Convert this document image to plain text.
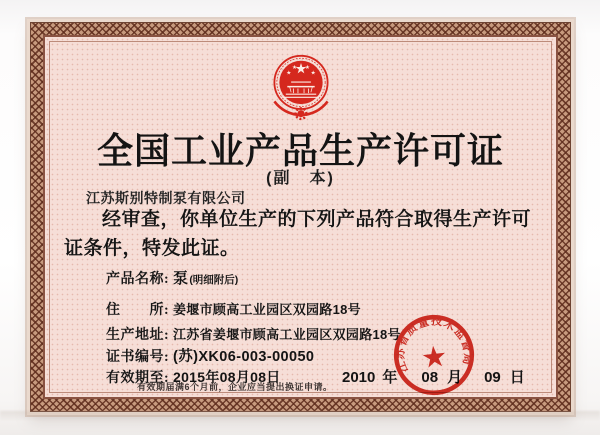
★
★ ★
★
全国工业产品生产许可证
(副　本)
江苏斯别特制泵有限公司
经审查，你单位生产的下列产品符合取得生产许可证条件，特发此证。
产品名称: 泵 (明细附后)
住　　所: 姜堰市顾高工业园区双园路18号
生产地址: 江苏省姜堰市顾高工业园区双园路18号
证书编号: (苏)XK06-003-00050
有效期至: 2015年08月08日	2010 年 08 月 09 日
有效期届满6个月前，企业应当提出换证申请。
江苏省质量技术监督局
